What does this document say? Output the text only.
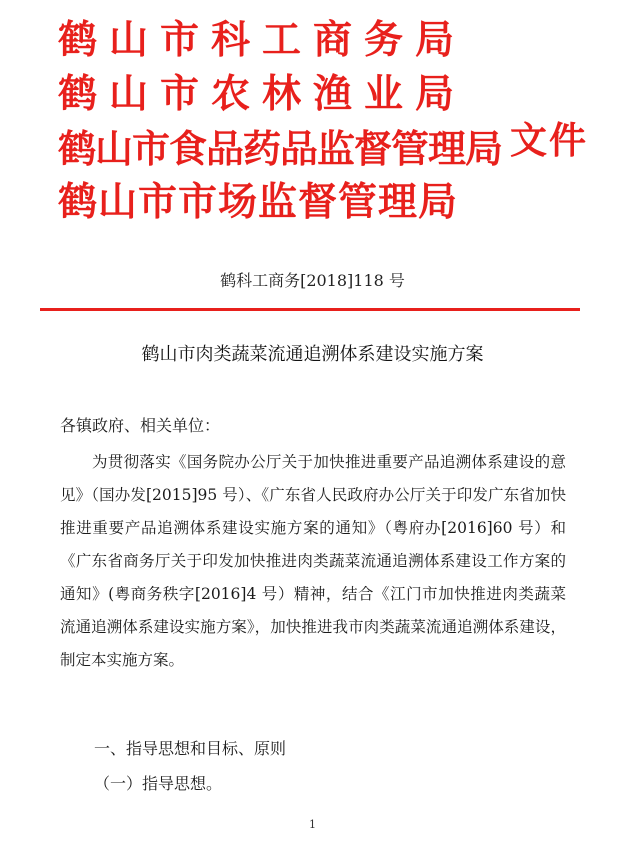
鹤山市科工商务局
鹤山市农林渔业局
鹤山市食品药品监督管理局
鹤山市市场监督管理局
文件
鹤科工商务[2018]118 号
鹤山市肉类蔬菜流通追溯体系建设实施方案
各镇政府、相关单位：

为贯彻落实《国务院办公厅关于加快推进重要产品追溯体系建设的意见》（国办发[2015]95 号）、《广东省人民政府办公厅关于印发广东省加快推进重要产品追溯体系建设实施方案的通知》（粤府办[2016]60 号）和《广东省商务厅关于印发加快推进肉类蔬菜流通追溯体系建设工作方案的通知》(粤商务秩字[2016]4 号）精神，结合《江门市加快推进肉类蔬菜流通追溯体系建设实施方案》，加快推进我市肉类蔬菜流通追溯体系建设，制定本实施方案。

一、指导思想和目标、原则
（一）指导思想。
1
